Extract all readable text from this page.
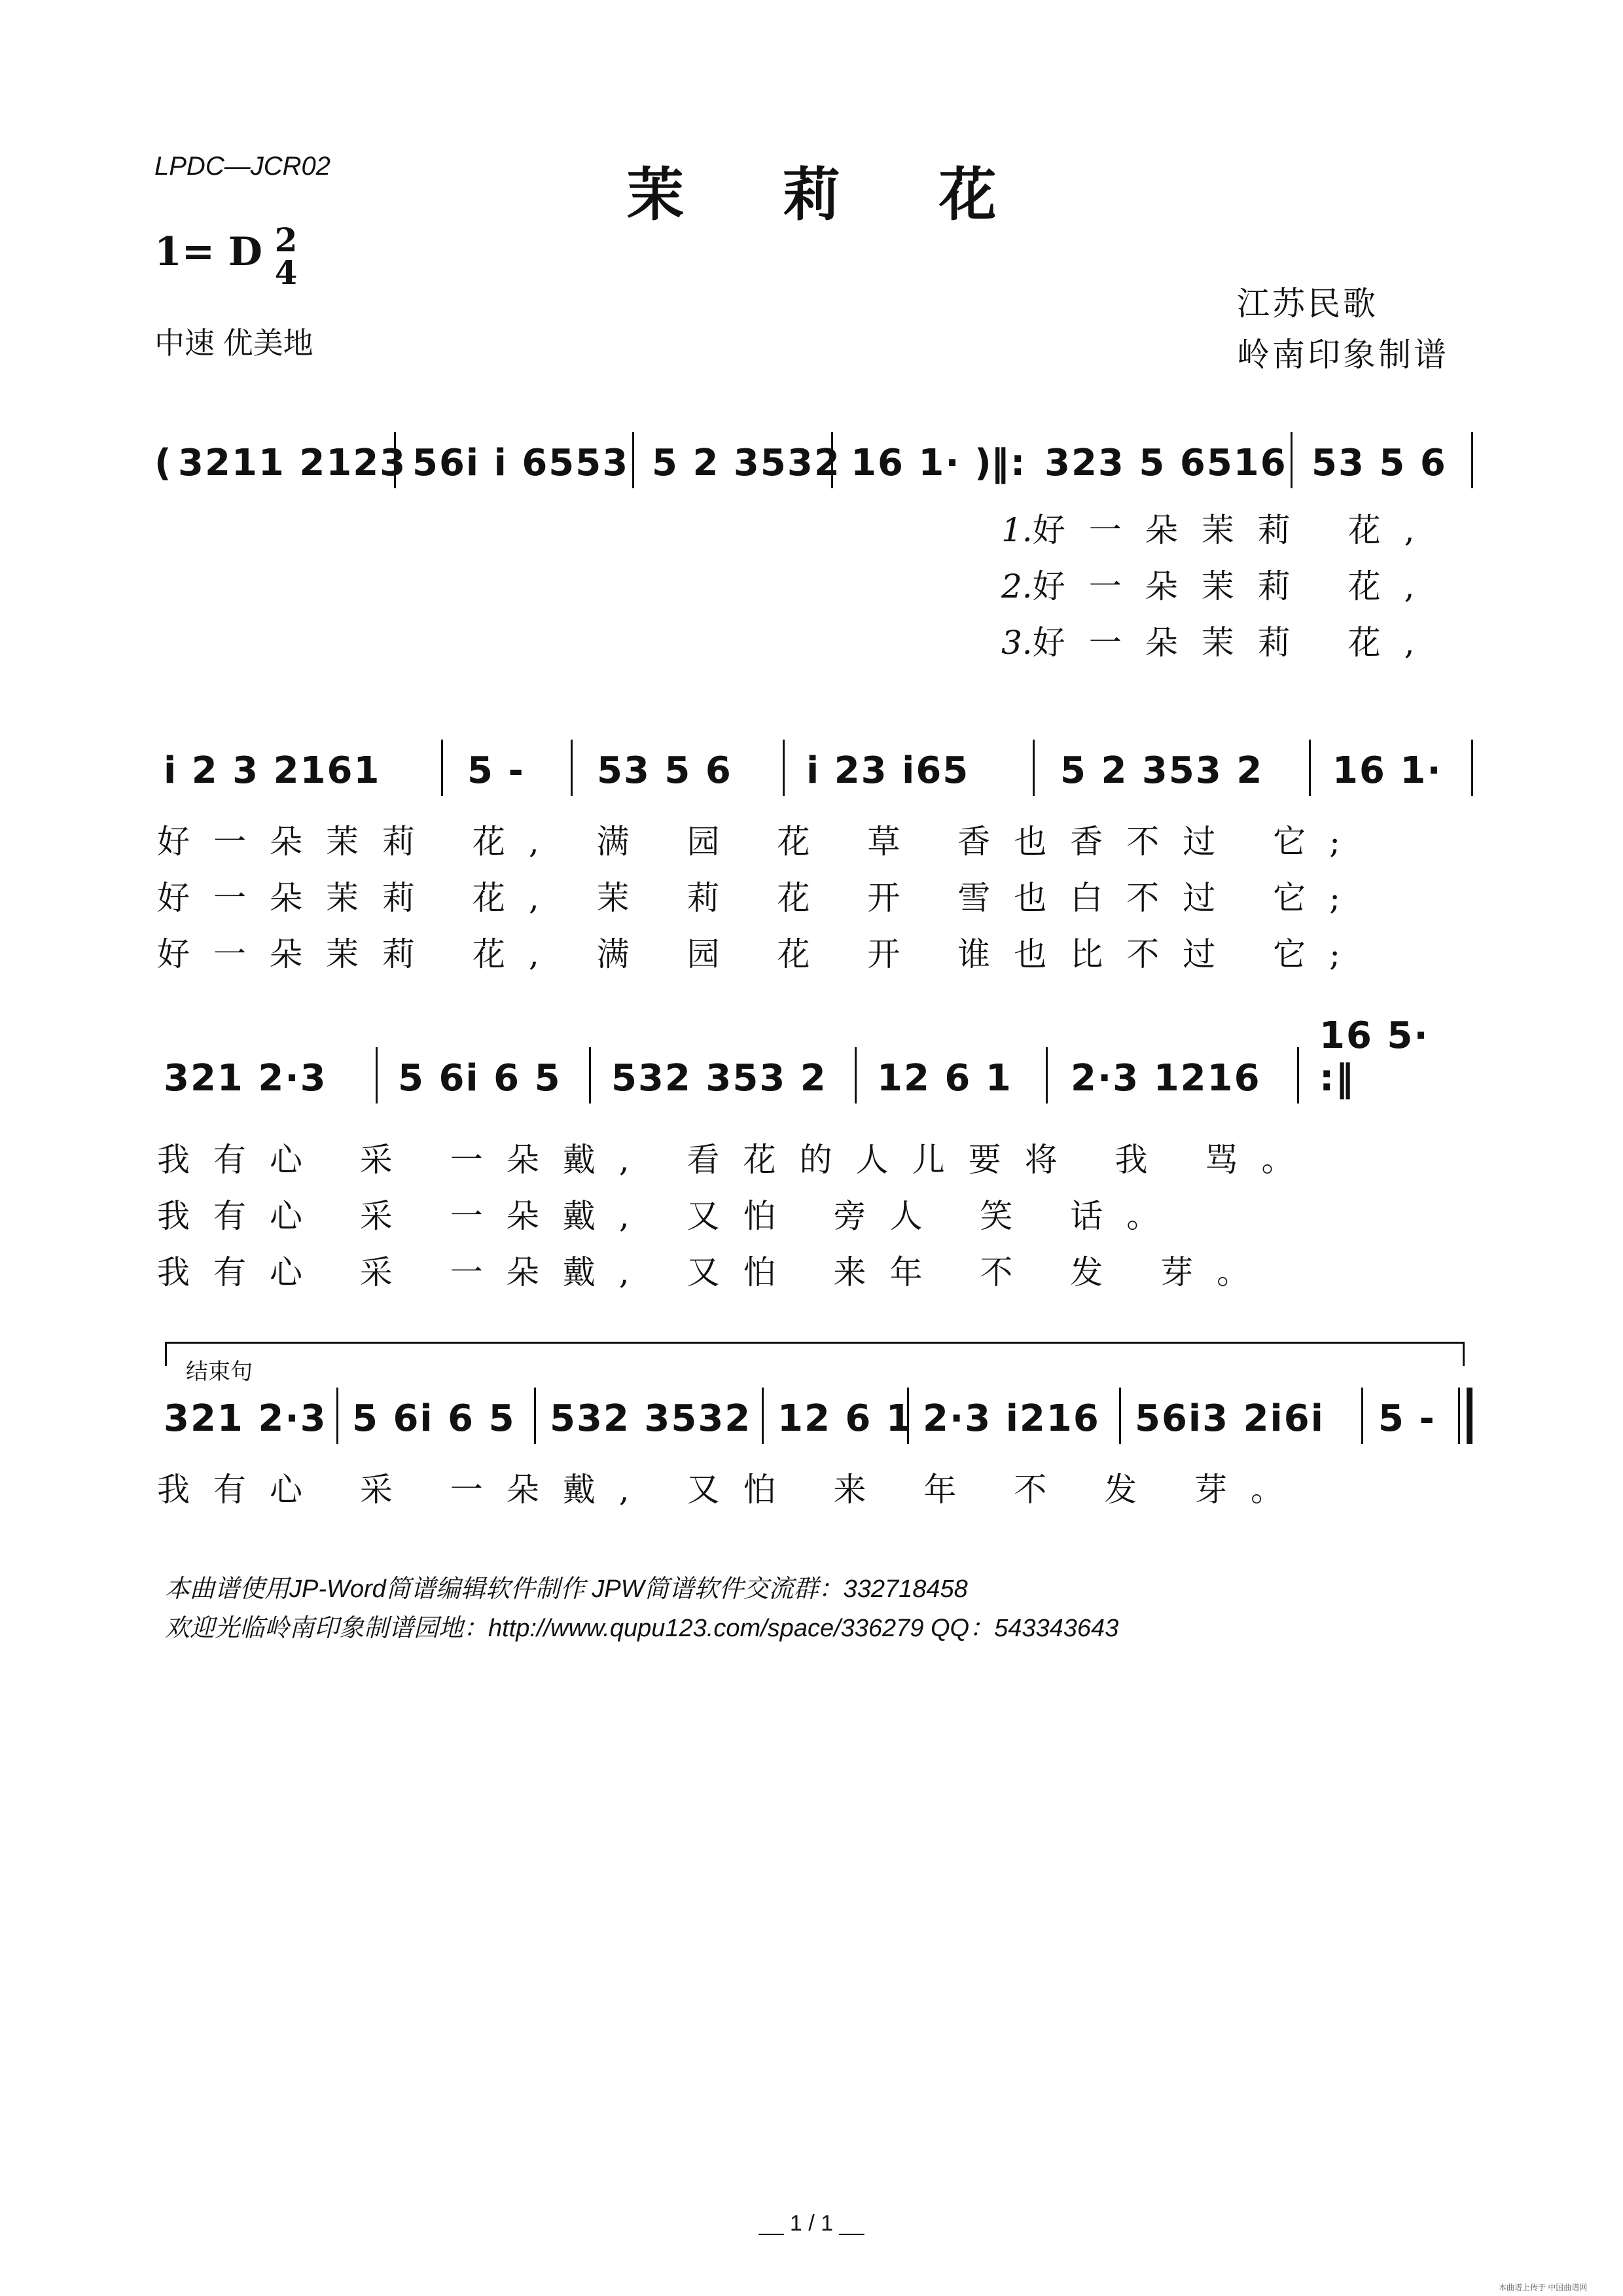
LPDC—JCR02	茉 莉 花
1= D 2
4
中速 优美地
江苏民歌
岭南印象制谱
( 3211 2123 56i i 6553 5 2 3532 16 1· )
‖: 323 5 6516 53 5 6
1.好一朵茉莉 花,
2.好一朵茉莉 花,
3.好一朵茉莉 花,
i 2 3 2161 5 - 53 5 6 i 23 i65 5 2 353 2 16 1·
好一朵茉莉 花, 满 园 花 草 香也香不过 它;
好一朵茉莉 花, 茉 莉 花 开 雪也白不过 它;
好一朵茉莉 花, 满 园 花 开 谁也比不过 它;
321 2·3 5 6i 6 5 532 353 2 12 6 1 2·3 1216
16 5· :‖
我有心 采 一朵戴, 看花的人儿要将 我 骂。
我有心 采 一朵戴, 又怕 旁人 笑 话。
我有心 采 一朵戴, 又怕 来年 不 发 芽。
结束句
321 2·3 5 6i 6 5 532 3532 12 6 1 2·3 i216 56i3 2i6i 5 -
我有心 采 一朵戴, 又怕 来 年 不 发 芽。
本曲谱使用JP-Word简谱编辑软件制作 JPW简谱软件交流群：332718458
欢迎光临岭南印象制谱园地：http://www.qupu123.com/space/336279 QQ：543343643
__ 1 / 1 __
本曲谱上传于 中国曲谱网
